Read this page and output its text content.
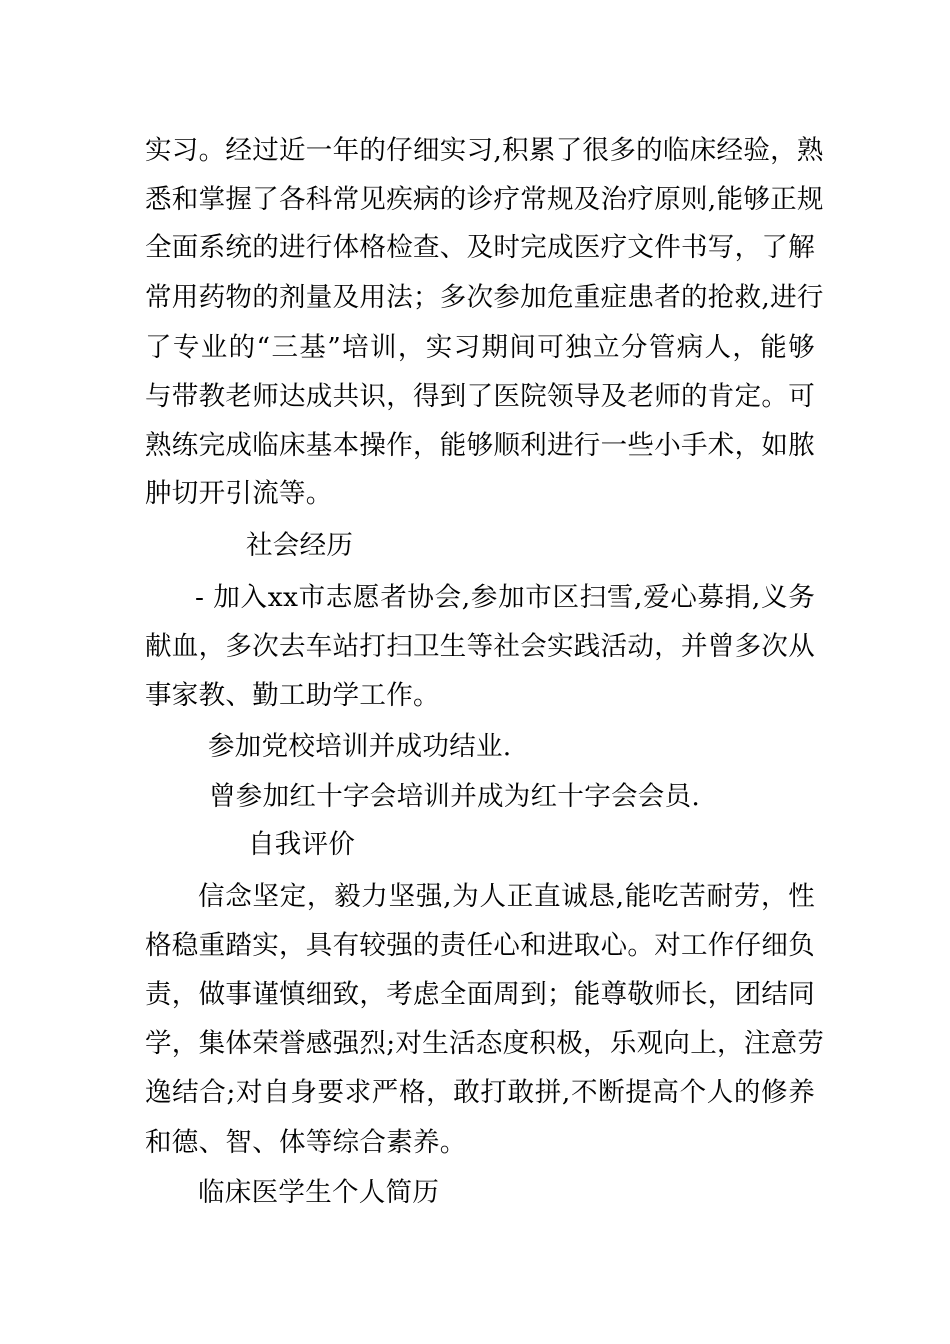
实习。经过近一年的仔细实习,积累了很多的临床经验，熟
悉和掌握了各科常见疾病的诊疗常规及治疗原则,能够正规
全面系统的进行体格检查、及时完成医疗文件书写，了解
常用药物的剂量及用法；多次参加危重症患者的抢救,进行
了专业的“三基”培训，实习期间可独立分管病人，能够
与带教老师达成共识，得到了医院领导及老师的肯定。可
熟练完成临床基本操作，能够顺利进行一些小手术，如脓
肿切开引流等。
社会经历
- 加入xx市志愿者协会,参加市区扫雪,爱心募捐,义务
献血，多次去车站打扫卫生等社会实践活动，并曾多次从
事家教、勤工助学工作。
参加党校培训并成功结业.
曾参加红十字会培训并成为红十字会会员.
自我评价
信念坚定，毅力坚强,为人正直诚恳,能吃苦耐劳，性
格稳重踏实，具有较强的责任心和进取心。对工作仔细负
责，做事谨慎细致，考虑全面周到；能尊敬师长，团结同
学，集体荣誉感强烈;对生活态度积极，乐观向上，注意劳
逸结合;对自身要求严格，敢打敢拼,不断提高个人的修养
和德、智、体等综合素养。
临床医学生个人简历
